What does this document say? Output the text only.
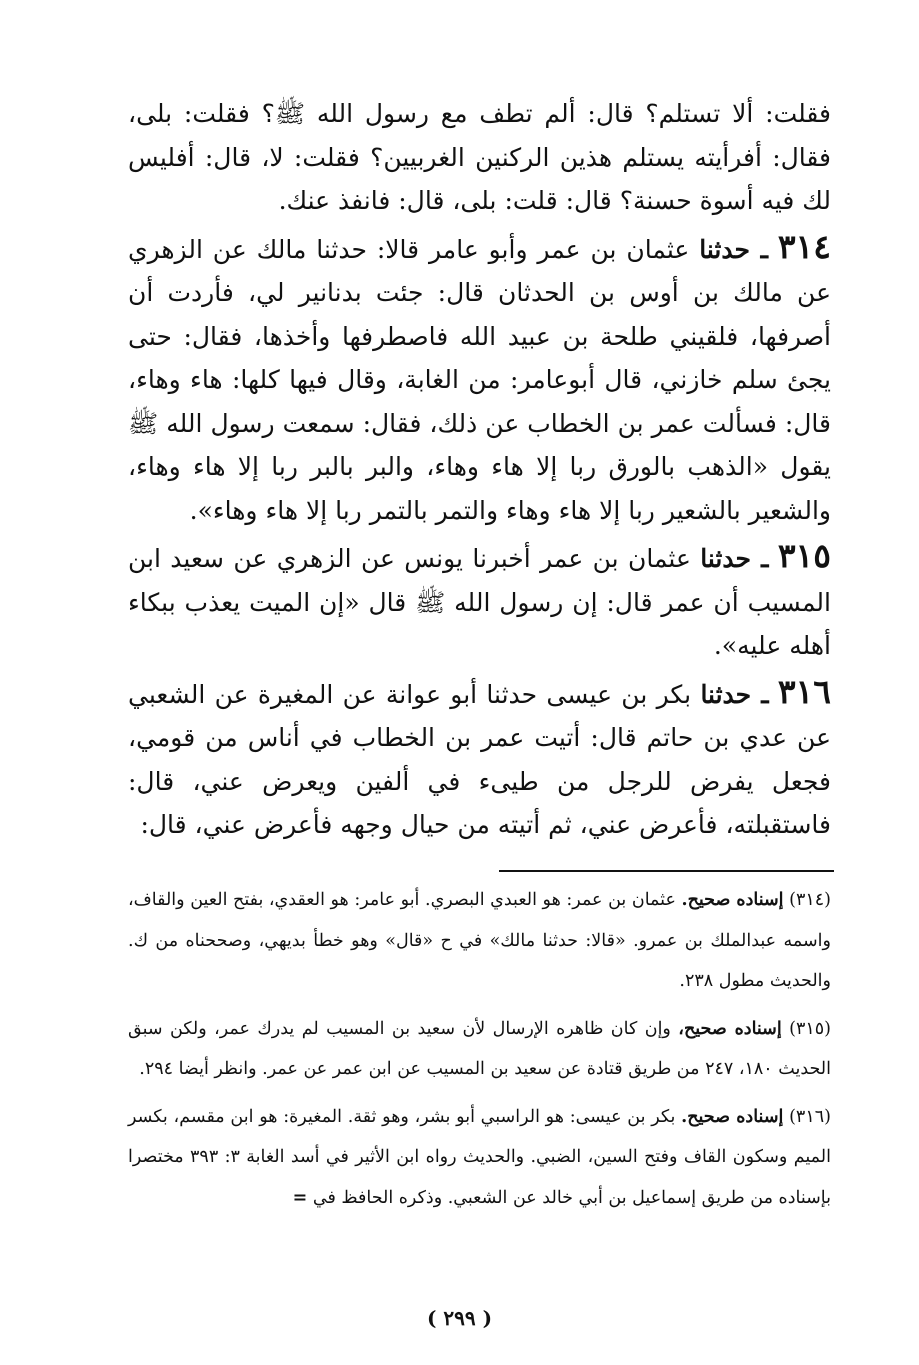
فقلت: ألا تستلم؟ قال: ألم تطف مع رسول الله ﷺ؟ فقلت: بلى، فقال: أفرأيته يستلم هذين الركنين الغربيين؟ فقلت: لا، قال: أفليس لك فيه أسوة حسنة؟ قال: قلت: بلى، قال: فانفذ عنك.

٣١٤ ـ حدثنا عثمان بن عمر وأبو عامر قالا: حدثنا مالك عن الزهري عن مالك بن أوس بن الحدثان قال: جئت بدنانير لي، فأردت أن أصرفها، فلقيني طلحة بن عبيد الله فاصطرفها وأخذها، فقال: حتى يجئ سلم خازني، قال أبوعامر: من الغابة، وقال فيها كلها: هاء وهاء، قال: فسألت عمر بن الخطاب عن ذلك، فقال: سمعت رسول الله ﷺ يقول «الذهب بالورق ربا إلا هاء وهاء، والبر بالبر ربا إلا هاء وهاء، والشعير بالشعير ربا إلا هاء وهاء والتمر بالتمر ربا إلا هاء وهاء».

٣١٥ ـ حدثنا عثمان بن عمر أخبرنا يونس عن الزهري عن سعيد ابن المسيب أن عمر قال: إن رسول الله ﷺ قال «إن الميت يعذب ببكاء أهله عليه».

٣١٦ ـ حدثنا بكر بن عيسى حدثنا أبو عوانة عن المغيرة عن الشعبي عن عدي بن حاتم قال: أتيت عمر بن الخطاب في أناس من قومي، فجعل يفرض للرجل من طيىء في ألفين ويعرض عني، قال: فاستقبلته، فأعرض عني، ثم أتيته من حيال وجهه فأعرض عني، قال:

(٣١٤) إسناده صحيح. عثمان بن عمر: هو العبدي البصري. أبو عامر: هو العقدي، بفتح العين والقاف، واسمه عبدالملك بن عمرو. «قالا: حدثنا مالك» في ح «قال» وهو خطأ بديهي، وصححناه من ك. والحديث مطول ٢٣٨.

(٣١٥) إسناده صحيح، وإن كان ظاهره الإرسال لأن سعيد بن المسيب لم يدرك عمر، ولكن سبق الحديث ١٨٠، ٢٤٧ من طريق قتادة عن سعيد بن المسيب عن ابن عمر عن عمر. وانظر أيضا ٢٩٤.

(٣١٦) إسناده صحيح. بكر بن عيسى: هو الراسبي أبو بشر، وهو ثقة. المغيرة: هو ابن مقسم، بكسر الميم وسكون القاف وفتح السين، الضبي. والحديث رواه ابن الأثير في أسد الغابة ٣: ٣٩٣ مختصرا بإسناده من طريق إسماعيل بن أبي خالد عن الشعبي. وذكره الحافظ في =

( ٢٩٩ )
